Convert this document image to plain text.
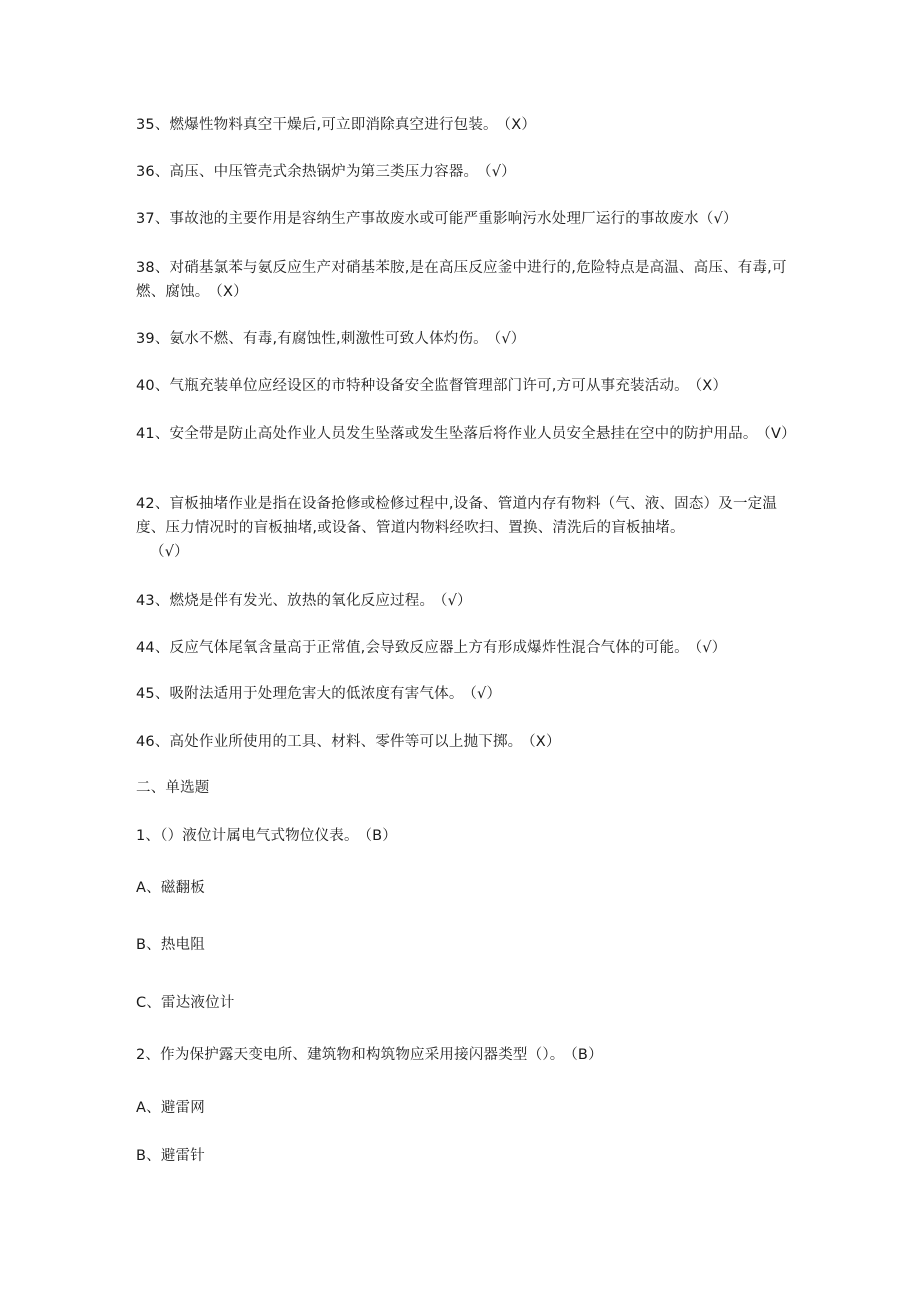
35、燃爆性物料真空干燥后,可立即消除真空进行包装。 （X）
36、高压、中压管壳式余热锅炉为第三类压力容器。 （√）
37、事故池的主要作用是容纳生产事故废水或可能严重影响污水处理厂运行的事故废水（√）
38、对硝基氯苯与氨反应生产对硝基苯胺,是在高压反应釜中进行的,危险特点是高温、高压、有毒,可燃、腐蚀。 （X）
39、氨水不燃、有毒,有腐蚀性,刺激性可致人体灼伤。 （√）
40、气瓶充装单位应经设区的市特种设备安全监督管理部门许可,方可从事充装活动。 （X）
41、安全带是防止高处作业人员发生坠落或发生坠落后将作业人员安全悬挂在空中的防护用品。 （V）
42、盲板抽堵作业是指在设备抢修或检修过程中,设备、管道内存有物料（气、液、固态）及一定温度、压力情况时的盲板抽堵,或设备、管道内物料经吹扫、置换、清洗后的盲板抽堵。
（√）
43、燃烧是伴有发光、放热的氧化反应过程。 （√）
44、反应气体尾氧含量高于正常值,会导致反应器上方有形成爆炸性混合气体的可能。 （√）
45、吸附法适用于处理危害大的低浓度有害气体。 （√）
46、高处作业所使用的工具、材料、零件等可以上抛下掷。 （X）
二、单选题
1、（）液位计属电气式物位仪表。 （B）
A、磁翻板
B、热电阻
C、雷达液位计
2、作为保护露天变电所、建筑物和构筑物应采用接闪器类型（）。 （B）
A、避雷网
B、避雷针
